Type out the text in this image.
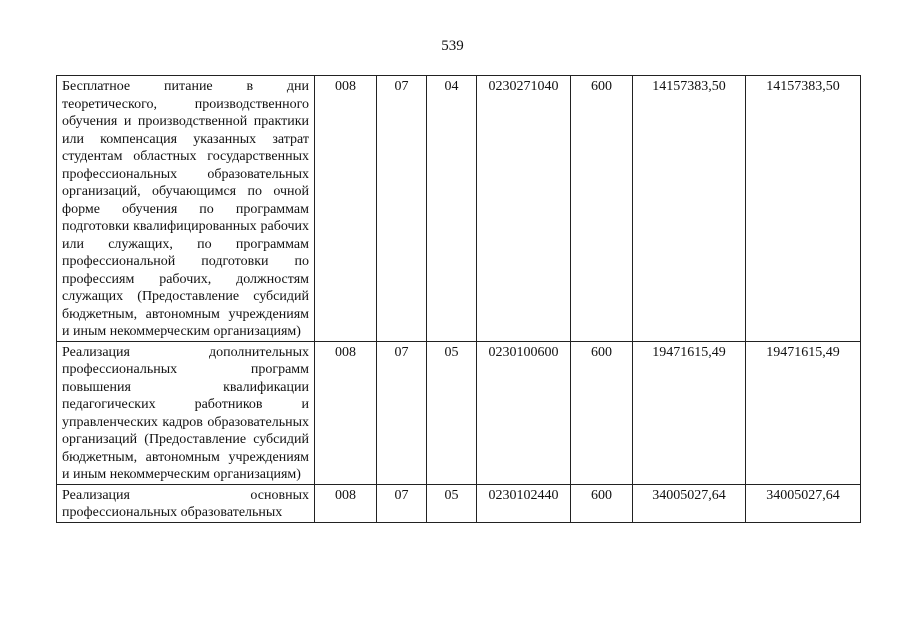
539
Бесплатное питание в дни теоретического, производственного обучения и производственной практики или компенсация указанных затрат студентам областных государственных профессиональных образовательных организаций, обучающимся по очной форме обучения по программам подготовки квалифицированных рабочих или служащих, по программам профессиональной подготовки по профессиям рабочих, должностям служащих (Предоставление субсидий бюджетным, автономным учреждениям и иным некоммерческим организациям)	008	07	04	0230271040	600	14157383,50	14157383,50
Реализация дополнительных профессиональных программ повышения квалификации педагогических работников и управленческих кадров образовательных организаций (Предоставление субсидий бюджетным, автономным учреждениям и иным некоммерческим организациям)	008	07	05	0230100600	600	19471615,49	19471615,49
Реализация основных профессиональных образовательных	008	07	05	0230102440	600	34005027,64	34005027,64
